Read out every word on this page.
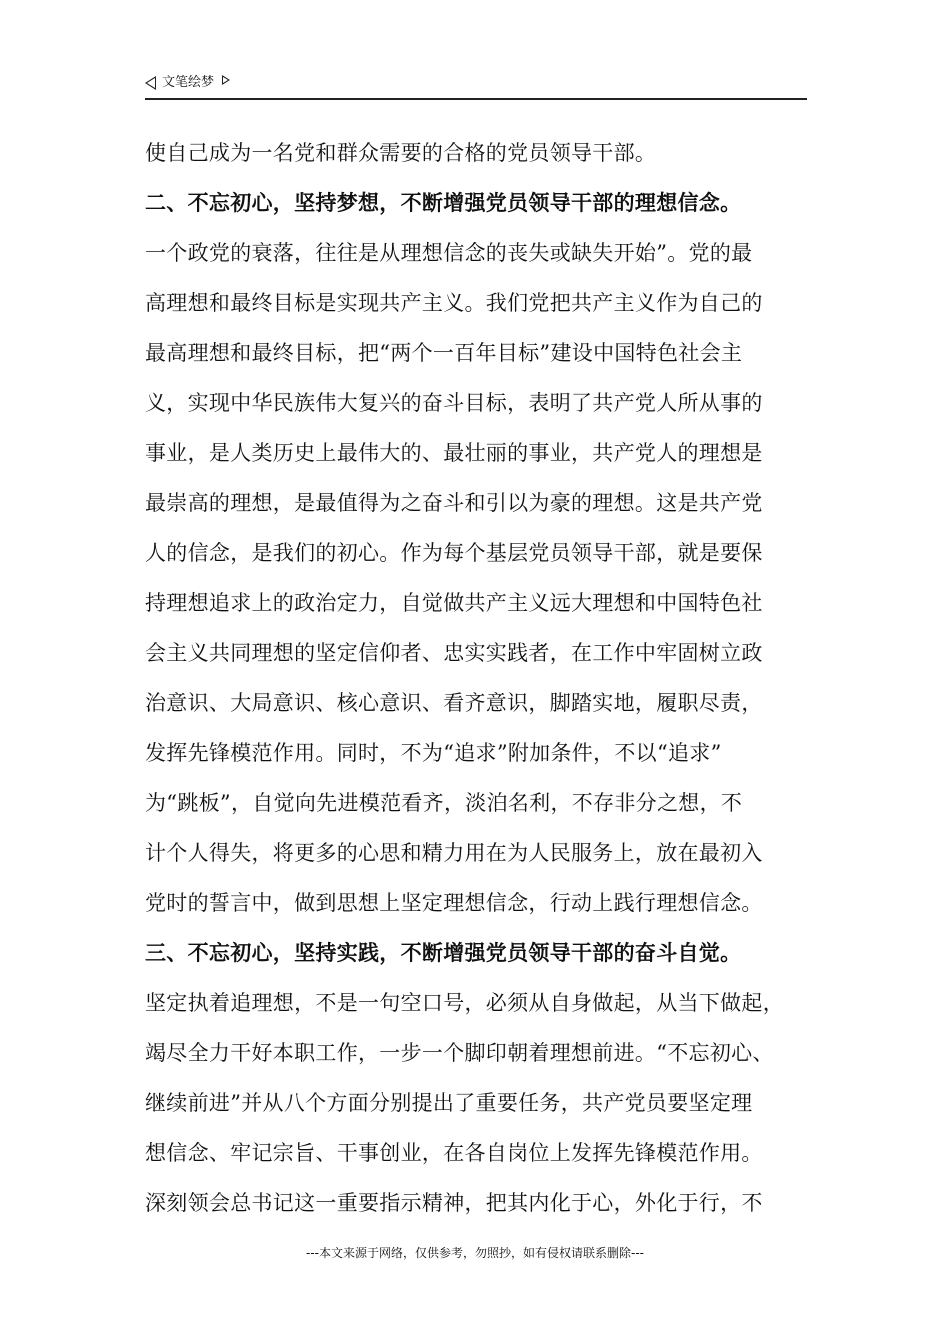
文笔绘梦
使自己成为一名党和群众需要的合格的党员领导干部。
二、不忘初心，坚持梦想，不断增强党员领导干部的理想信念。
一个政党的衰落，往往是从理想信念的丧失或缺失开始”。党的最
高理想和最终目标是实现共产主义。我们党把共产主义作为自己的
最高理想和最终目标，把“两个一百年目标”建设中国特色社会主
义，实现中华民族伟大复兴的奋斗目标，表明了共产党人所从事的
事业，是人类历史上最伟大的、最壮丽的事业，共产党人的理想是
最崇高的理想，是最值得为之奋斗和引以为豪的理想。这是共产党
人的信念，是我们的初心。作为每个基层党员领导干部，就是要保
持理想追求上的政治定力，自觉做共产主义远大理想和中国特色社
会主义共同理想的坚定信仰者、忠实实践者，在工作中牢固树立政
治意识、大局意识、核心意识、看齐意识，脚踏实地，履职尽责，
发挥先锋模范作用。同时，不为“追求”附加条件，不以“追求”
为“跳板”，自觉向先进模范看齐，淡泊名利，不存非分之想，不
计个人得失，将更多的心思和精力用在为人民服务上，放在最初入
党时的誓言中，做到思想上坚定理想信念，行动上践行理想信念。
三、不忘初心，坚持实践，不断增强党员领导干部的奋斗自觉。
坚定执着追理想，不是一句空口号，必须从自身做起，从当下做起，
竭尽全力干好本职工作，一步一个脚印朝着理想前进。“不忘初心、
继续前进”并从八个方面分别提出了重要任务，共产党员要坚定理
想信念、牢记宗旨、干事创业，在各自岗位上发挥先锋模范作用。
深刻领会总书记这一重要指示精神，把其内化于心，外化于行，不
---本文来源于网络，仅供参考，勿照抄，如有侵权请联系删除---
